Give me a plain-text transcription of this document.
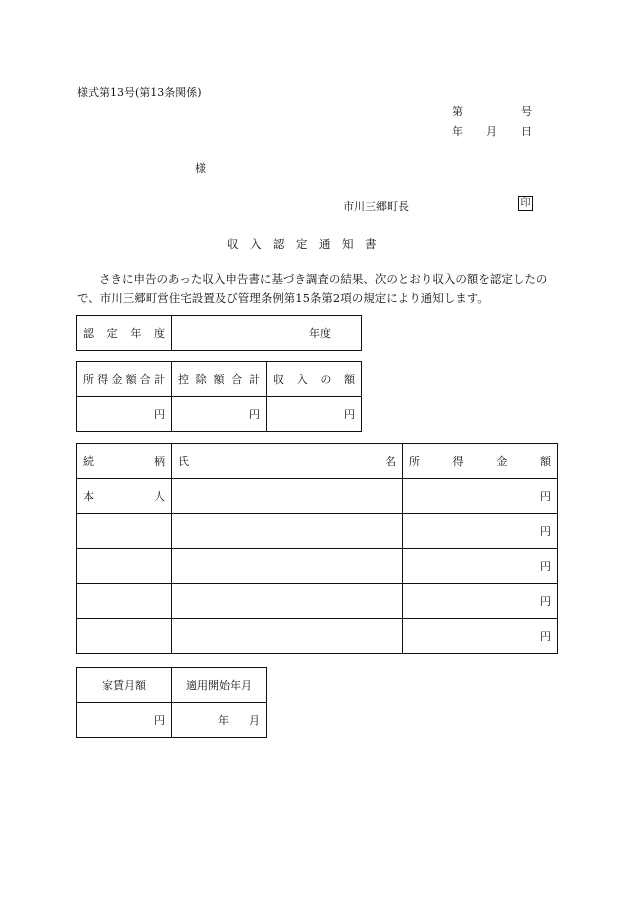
様式第13号(第13条関係)
第	号
年 月 日
様
市川三郷町長	印
収　入　認　定　通　知　書

さきに申告のあった収入申告書に基づき調査の結果、次のとおり収入の額を認定したので、市川三郷町営住宅設置及び管理条例第15条第2項の規定により通知します。

認定年度	年度
所得金額合計	控除額合計	収入の額
円	円	円
続柄	氏 名	所得金額
本人		円
		円
		円
		円
		円
家賃月額	適用開始年月
円	年 月
